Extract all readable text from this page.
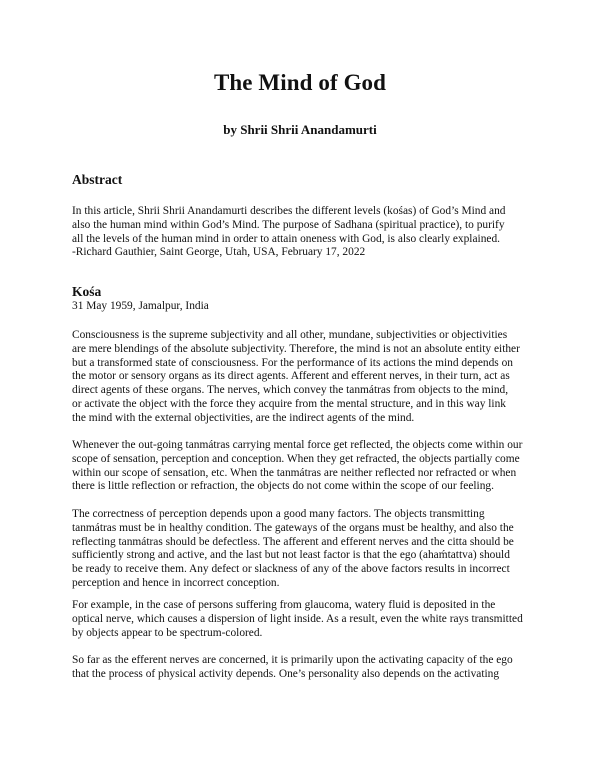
The Mind of God
by Shrii Shrii Anandamurti
Abstract

In this article, Shrii Shrii Anandamurti describes the different levels (kośas) of God’s Mind and
also the human mind within God’s Mind. The purpose of Sadhana (spiritual practice), to purify
all the levels of the human mind in order to attain oneness with God, is also clearly explained.
-Richard Gauthier, Saint George, Utah, USA, February 17, 2022

Kośa

31 May 1959, Jamalpur, India

Consciousness is the supreme subjectivity and all other, mundane, subjectivities or objectivities
are mere blendings of the absolute subjectivity. Therefore, the mind is not an absolute entity either
but a transformed state of consciousness. For the performance of its actions the mind depends on
the motor or sensory organs as its direct agents. Afferent and efferent nerves, in their turn, act as
direct agents of these organs. The nerves, which convey the tanmátras from objects to the mind,
or activate the object with the force they acquire from the mental structure, and in this way link
the mind with the external objectivities, are the indirect agents of the mind.

Whenever the out-going tanmátras carrying mental force get reflected, the objects come within our
scope of sensation, perception and conception. When they get refracted, the objects partially come
within our scope of sensation, etc. When the tanmátras are neither reflected nor refracted or when
there is little reflection or refraction, the objects do not come within the scope of our feeling.

The correctness of perception depends upon a good many factors. The objects transmitting
tanmátras must be in healthy condition. The gateways of the organs must be healthy, and also the
reflecting tanmátras should be defectless. The afferent and efferent nerves and the citta should be
sufficiently strong and active, and the last but not least factor is that the ego (ahaḿtattva) should
be ready to receive them. Any defect or slackness of any of the above factors results in incorrect
perception and hence in incorrect conception.

For example, in the case of persons suffering from glaucoma, watery fluid is deposited in the
optical nerve, which causes a dispersion of light inside. As a result, even the white rays transmitted
by objects appear to be spectrum-colored.

So far as the efferent nerves are concerned, it is primarily upon the activating capacity of the ego
that the process of physical activity depends. One’s personality also depends on the activating
